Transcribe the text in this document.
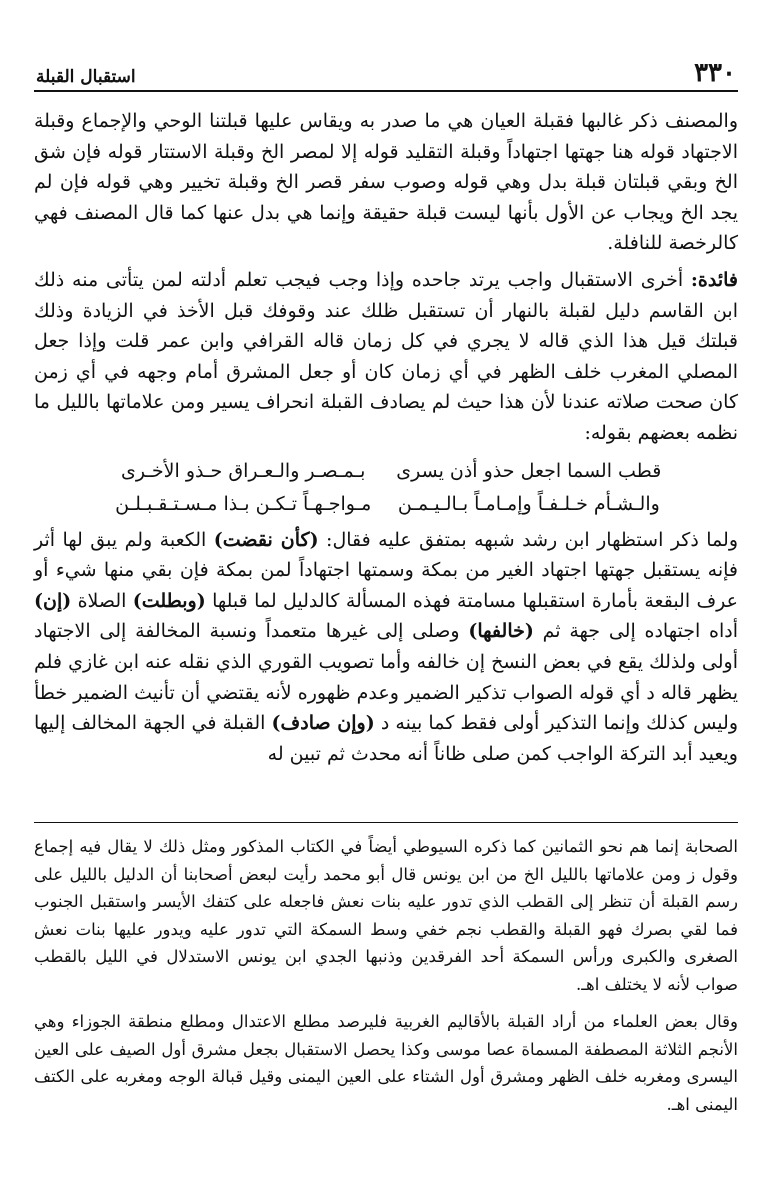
٣٣٠
استقبال القبلة

والمصنف ذكر غالبها فقبلة العيان هي ما صدر به ويقاس عليها قبلتنا الوحي والإجماع وقبلة الاجتهاد قوله هنا جهتها اجتهاداً وقبلة التقليد قوله إلا لمصر الخ وقبلة الاستتار قوله فإن شق الخ وبقي قبلتان قبلة بدل وهي قوله وصوب سفر قصر الخ وقبلة تخيير وهي قوله فإن لم يجد الخ ويجاب عن الأول بأنها ليست قبلة حقيقة وإنما هي بدل عنها كما قال المصنف فهي كالرخصة للنافلة.

فائدة: أخرى الاستقبال واجب يرتد جاحده وإذا وجب فيجب تعلم أدلته لمن يتأتى منه ذلك ابن القاسم دليل لقبلة بالنهار أن تستقبل ظلك عند وقوفك قبل الأخذ في الزيادة وذلك قبلتك قيل هذا الذي قاله لا يجري في كل زمان قاله القرافي وابن عمر قلت وإذا جعل المصلي المغرب خلف الظهر في أي زمان كان أو جعل المشرق أمام وجهه في أي زمن كان صحت صلاته عندنا لأن هذا حيث لم يصادف القبلة انحراف يسير ومن علاماتها بالليل ما نظمه بعضهم بقوله:

قطب السما اجعل حذو أذن يسرى
بـمـصـر والـعـراق حـذو الأخـرى
والـشـأم خـلـفـاً وإمـامـاً بـالـيـمـن
مـواجـهـاً تـكـن بـذا مـسـتـقـبـلـن

ولما ذكر استظهار ابن رشد شبهه بمتفق عليه فقال: (كأن نقضت) الكعبة ولم يبق لها أثر فإنه يستقبل جهتها اجتهاد الغير من بمكة وسمتها اجتهاداً لمن بمكة فإن بقي منها شيء أو عرف البقعة بأمارة استقبلها مسامتة فهذه المسألة كالدليل لما قبلها (وبطلت) الصلاة (إن) أداه اجتهاده إلى جهة ثم (خالفها) وصلى إلى غيرها متعمداً ونسبة المخالفة إلى الاجتهاد أولى ولذلك يقع في بعض النسخ إن خالفه وأما تصويب القوري الذي نقله عنه ابن غازي فلم يظهر قاله د أي قوله الصواب تذكير الضمير وعدم ظهوره لأنه يقتضي أن تأنيث الضمير خطأ وليس كذلك وإنما التذكير أولى فقط كما بينه د (وإن صادف) القبلة في الجهة المخالف إليها ويعيد أبد التركة الواجب كمن صلى ظاناً أنه محدث ثم تبين له

الصحابة إنما هم نحو الثمانين كما ذكره السيوطي أيضاً في الكتاب المذكور ومثل ذلك لا يقال فيه إجماع وقول ز ومن علاماتها بالليل الخ من ابن يونس قال أبو محمد رأيت لبعض أصحابنا أن الدليل بالليل على رسم القبلة أن تنظر إلى القطب الذي تدور عليه بنات نعش فاجعله على كتفك الأيسر واستقبل الجنوب فما لقي بصرك فهو القبلة والقطب نجم خفي وسط السمكة التي تدور عليه ويدور عليها بنات نعش الصغرى والكبرى ورأس السمكة أحد الفرقدين وذنبها الجدي ابن يونس الاستدلال في الليل بالقطب صواب لأنه لا يختلف اهـ.

وقال بعض العلماء من أراد القبلة بالأقاليم الغربية فليرصد مطلع الاعتدال ومطلع منطقة الجوزاء وهي الأنجم الثلاثة المصطفة المسماة عصا موسى وكذا يحصل الاستقبال بجعل مشرق أول الصيف على العين اليسرى ومغربه خلف الظهر ومشرق أول الشتاء على العين اليمنى وقيل قبالة الوجه ومغربه على الكتف اليمنى اهـ.
